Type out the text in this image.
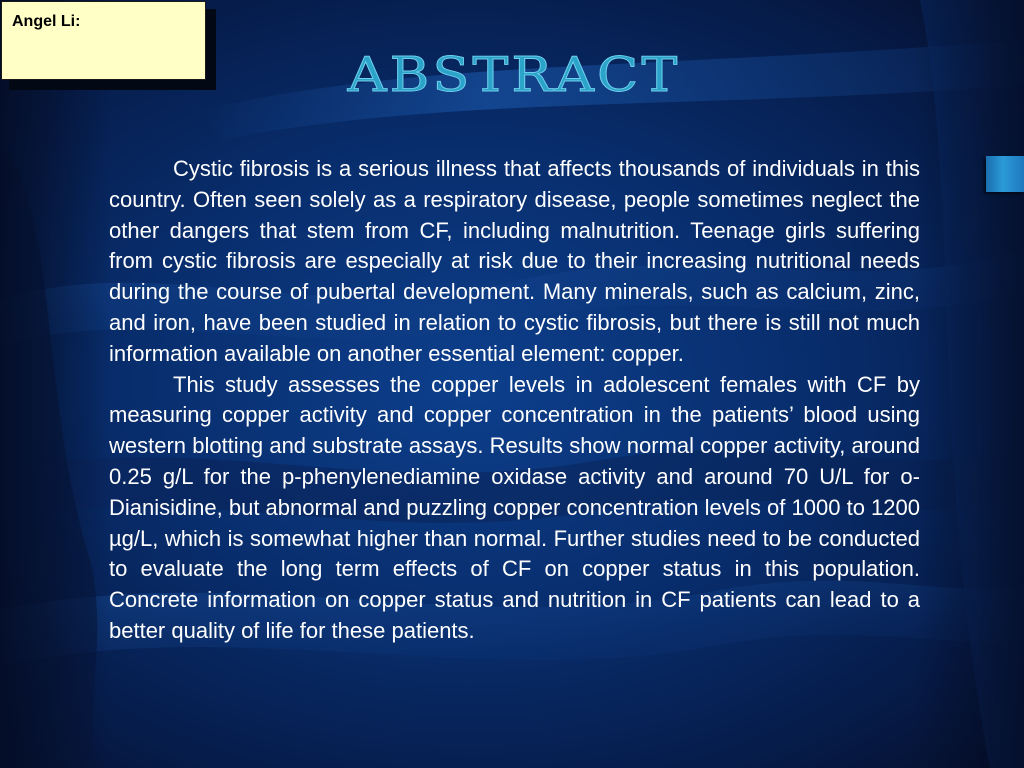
Angel Li:
ABSTRACT

Cystic fibrosis is a serious illness that affects thousands of individuals in this country. Often seen solely as a respiratory disease, people sometimes neglect the other dangers that stem from CF, including malnutrition. Teenage girls suffering from cystic fibrosis are especially at risk due to their increasing nutritional needs during the course of pubertal development. Many minerals, such as calcium, zinc, and iron, have been studied in relation to cystic fibrosis, but there is still not much information available on another essential element: copper.
This study assesses the copper levels in adolescent females with CF by measuring copper activity and copper concentration in the patients’ blood using western blotting and substrate assays. Results show normal copper activity, around 0.25 g/L for the p-phenylenediamine oxidase activity and around 70 U/L for o-Dianisidine, but abnormal and puzzling copper concentration levels of 1000 to 1200 µg/L, which is somewhat higher than normal. Further studies need to be conducted to evaluate the long term effects of CF on copper status in this population. Concrete information on copper status and nutrition in CF patients can lead to a better quality of life for these patients.
